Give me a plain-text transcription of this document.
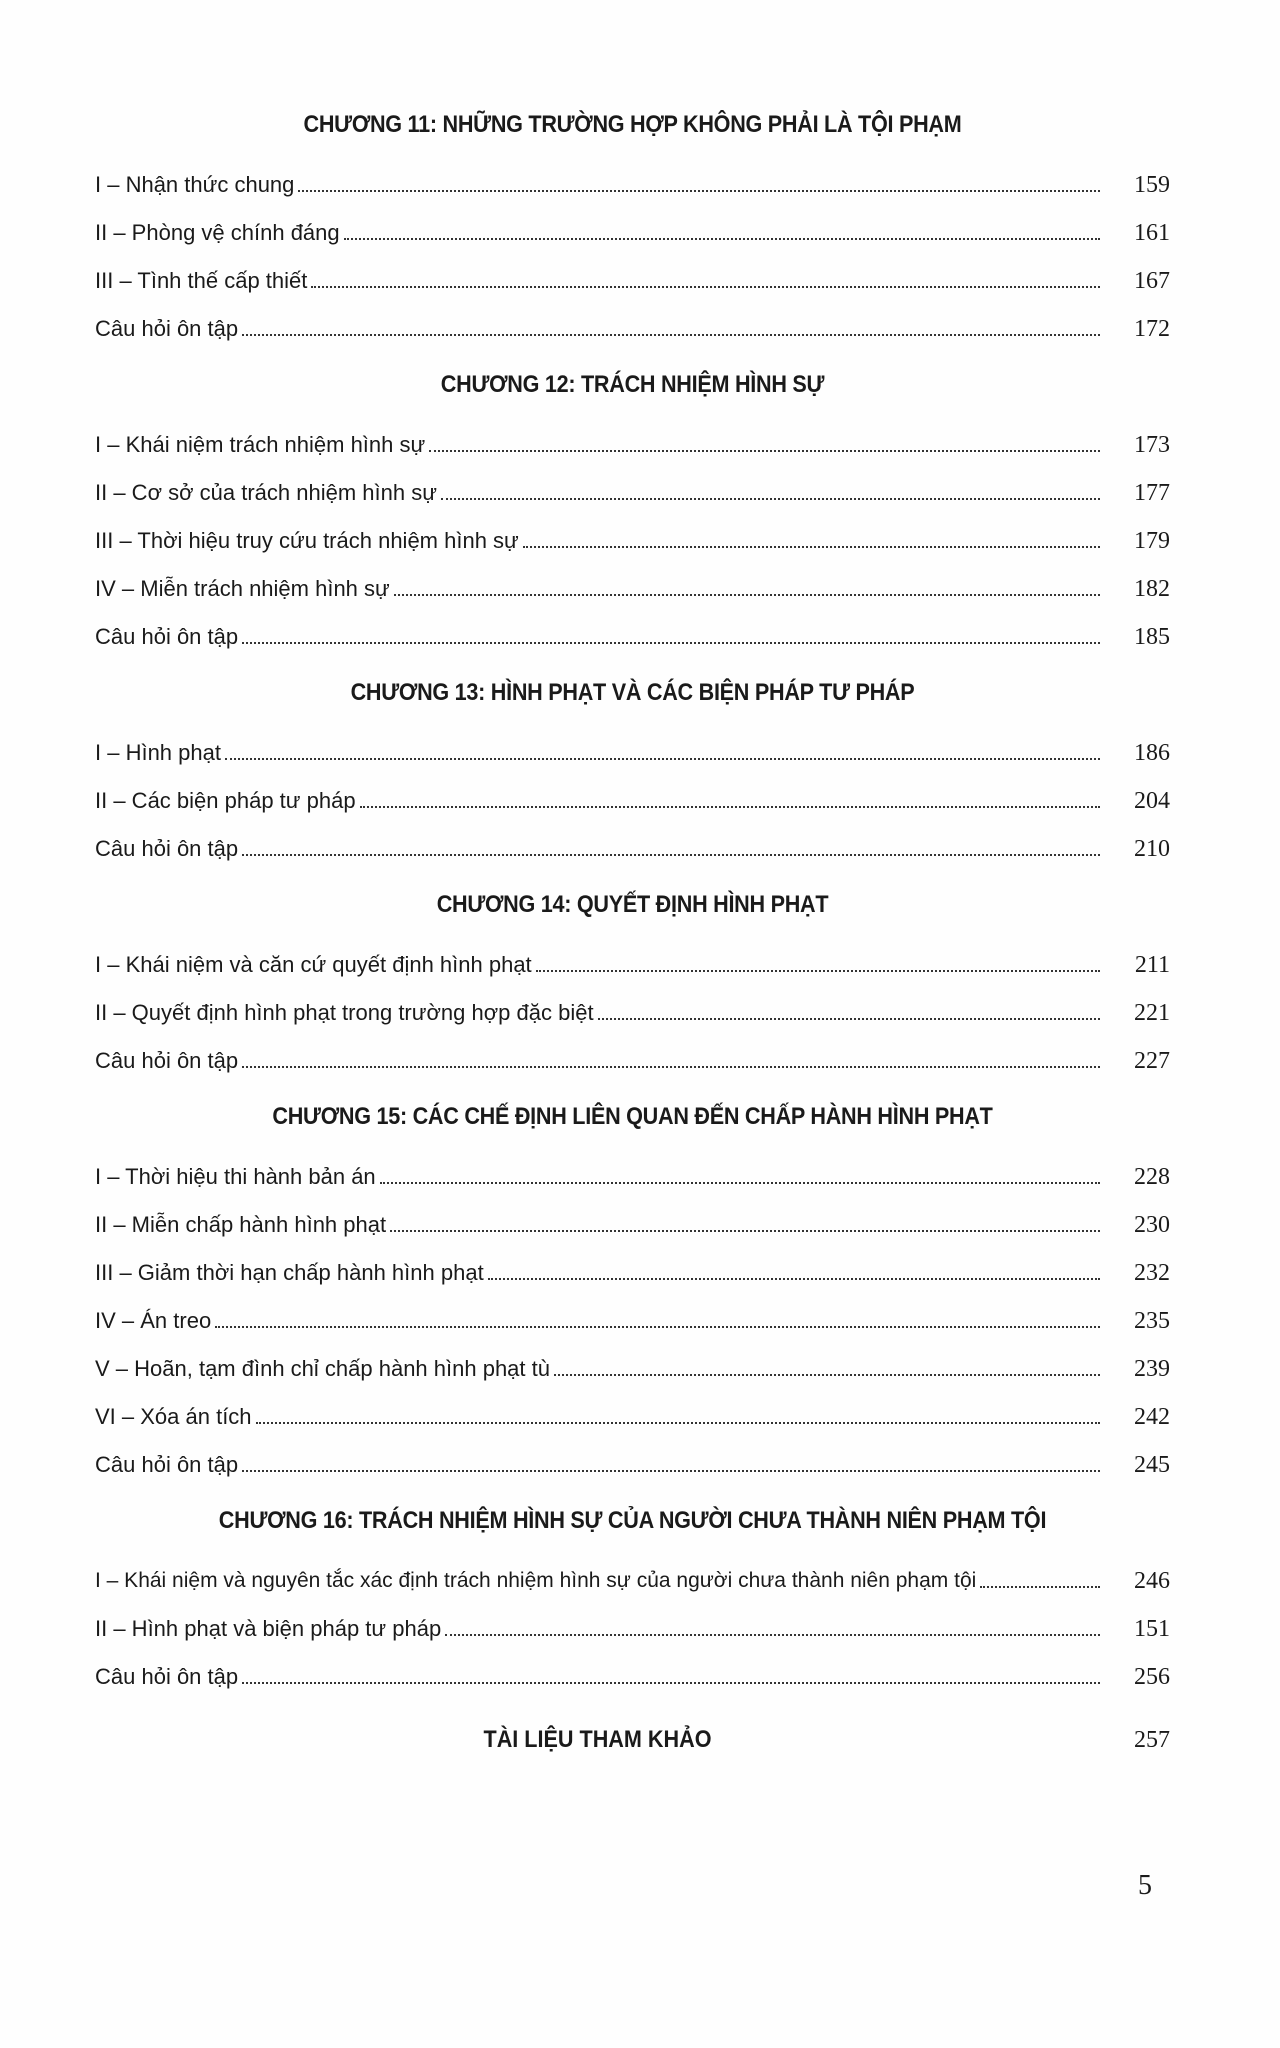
CHƯƠNG 11: NHỮNG TRƯỜNG HỢP KHÔNG PHẢI LÀ TỘI PHẠM
I – Nhận thức chung	159
II – Phòng vệ chính đáng	161
III – Tình thế cấp thiết	167
Câu hỏi ôn tập	172
CHƯƠNG 12: TRÁCH NHIỆM HÌNH SỰ
I – Khái niệm trách nhiệm hình sự	173
II – Cơ sở của trách nhiệm hình sự	177
III – Thời hiệu truy cứu trách nhiệm hình sự	179
IV – Miễn trách nhiệm hình sự	182
Câu hỏi ôn tập	185
CHƯƠNG 13: HÌNH PHẠT VÀ CÁC BIỆN PHÁP TƯ PHÁP
I – Hình phạt	186
II – Các biện pháp tư pháp	204
Câu hỏi ôn tập	210
CHƯƠNG 14: QUYẾT ĐỊNH HÌNH PHẠT
I – Khái niệm và căn cứ quyết định hình phạt	211
II – Quyết định hình phạt trong trường hợp đặc biệt	221
Câu hỏi ôn tập	227
CHƯƠNG 15: CÁC CHẾ ĐỊNH LIÊN QUAN ĐẾN CHẤP HÀNH HÌNH PHẠT
I – Thời hiệu thi hành bản án	228
II – Miễn chấp hành hình phạt	230
III – Giảm thời hạn chấp hành hình phạt	232
IV – Án treo	235
V – Hoãn, tạm đình chỉ chấp hành hình phạt tù	239
VI – Xóa án tích	242
Câu hỏi ôn tập	245
CHƯƠNG 16: TRÁCH NHIỆM HÌNH SỰ CỦA NGƯỜI CHƯA THÀNH NIÊN PHẠM TỘI
I – Khái niệm và nguyên tắc xác định trách nhiệm hình sự của người chưa thành niên phạm tội	246
II – Hình phạt và biện pháp tư pháp	151
Câu hỏi ôn tập	256
TÀI LIỆU THAM KHẢO	257
5
